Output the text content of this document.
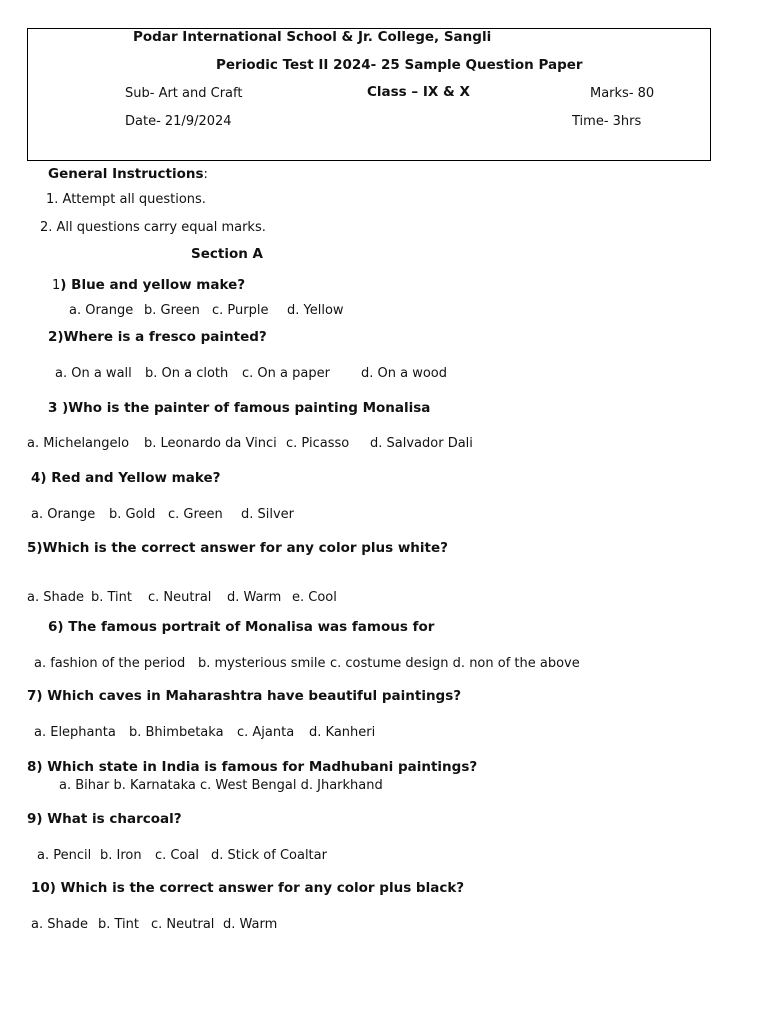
Podar International School & Jr. College, Sangli
Periodic Test II 2024- 25 Sample Question Paper
Sub- Art and Craft	Class – IX & X	Marks- 80
Date- 21/9/2024	Time- 3hrs
General Instructions:
1. Attempt all questions.
2. All questions carry equal marks.
Section A
1) Blue and yellow make?
a. Orange b. Green c. Purple d. Yellow
2)Where is a fresco painted?
a. On a wall b. On a cloth c. On a paper d. On a wood
3 )Who is the painter of famous painting Monalisa
a. Michelangelo b. Leonardo da Vinci c. Picasso d. Salvador Dali
4) Red and Yellow make?
a. Orange b. Gold c. Green d. Silver
5)Which is the correct answer for any color plus white?
a. Shade b. Tint c. Neutral d. Warm e. Cool
6) The famous portrait of Monalisa was famous for
a. fashion of the period b. mysterious smile c. costume design d. non of the above
7) Which caves in Maharashtra have beautiful paintings?
a. Elephanta b. Bhimbetaka c. Ajanta d. Kanheri
8) Which state in India is famous for Madhubani paintings?
a. Bihar b. Karnataka c. West Bengal d. Jharkhand
9) What is charcoal?
a. Pencil b. Iron c. Coal d. Stick of Coaltar
10) Which is the correct answer for any color plus black?
a. Shade b. Tint c. Neutral d. Warm
